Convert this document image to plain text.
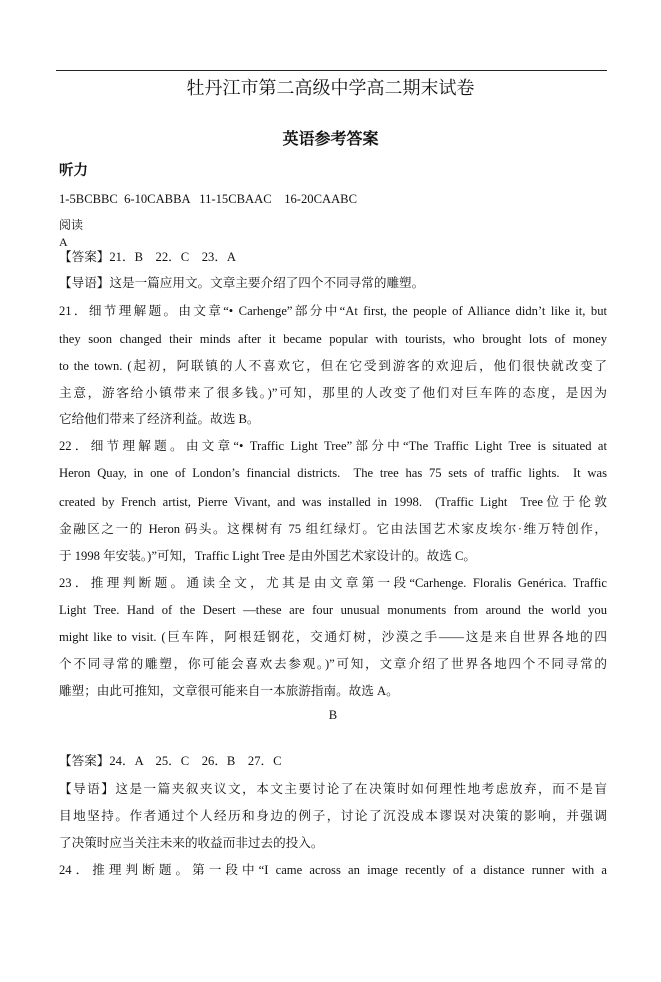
牡丹江市第二高级中学高二期末试卷
英语参考答案
听力
1-5BCBBC  6-10CABBA   11-15CBAAC    16-20CAABC
阅读
A
【答案】21．B    22．C    23．A
【导语】这是一篇应用文。文章主要介绍了四个不同寻常的雕塑。
21．细节理解题。由文章“• Carhenge”部分中“At first, the people of Alliance didn’t like it, but
they soon changed their minds after it became popular with tourists, who brought lots of money
to the town. (起初，阿联镇的人不喜欢它，但在它受到游客的欢迎后，他们很快就改变了
主意，游客给小镇带来了很多钱。)”可知，那里的人改变了他们对巨车阵的态度，是因为
它给他们带来了经济利益。故选 B。
22．细节理解题。由文章“• Traffic Light Tree”部分中“The Traffic Light Tree is situated at
Heron Quay, in one of London’s financial districts.  The tree has 75 sets of traffic lights.  It was
created by French artist, Pierre Vivant, and was installed in 1998.  (Traffic Light  Tree位于伦敦
金融区之一的 Heron 码头。这棵树有 75 组红绿灯。它由法国艺术家皮埃尔·维万特创作，
于 1998 年安装。)”可知，Traffic Light Tree 是由外国艺术家设计的。故选 C。
23．推理判断题。通读全文，尤其是由文章第一段“Carhenge. Floralis Genérica. Traffic
Light Tree. Hand of the Desert —these are four unusual monuments from around the world you
might like to visit. (巨车阵，阿根廷钢花，交通灯树，沙漠之手——这是来自世界各地的四
个不同寻常的雕塑，你可能会喜欢去参观。)”可知，文章介绍了世界各地四个不同寻常的
雕塑；由此可推知，文章很可能来自一本旅游指南。故选 A。
B
【答案】24．A    25．C    26．B    27．C
【导语】这是一篇夹叙夹议文，本文主要讨论了在决策时如何理性地考虑放弃，而不是盲
目地坚持。作者通过个人经历和身边的例子，讨论了沉没成本谬误对决策的影响，并强调
了决策时应当关注未来的收益而非过去的投入。
24．推理判断题。第一段中“I came across an image recently of a distance runner with a
